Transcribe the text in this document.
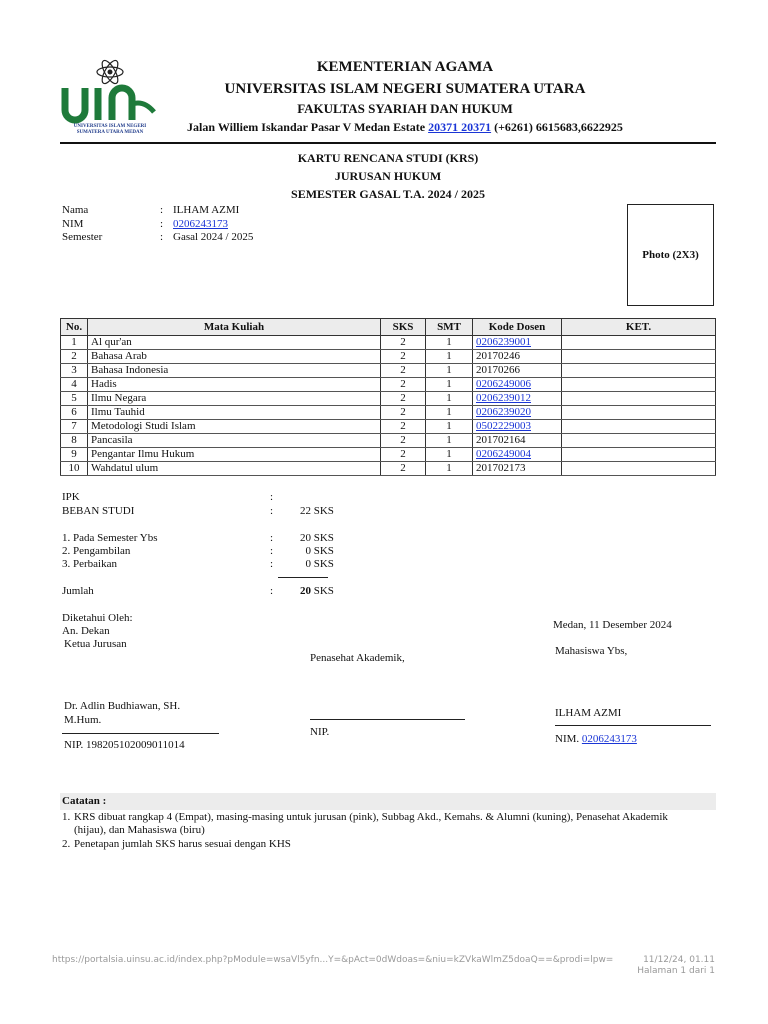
UNIVERSITAS ISLAM NEGERI
SUMATERA UTARA MEDAN
KEMENTERIAN AGAMA
UNIVERSITAS ISLAM NEGERI SUMATERA UTARA
FAKULTAS SYARIAH DAN HUKUM
Jalan Williem Iskandar Pasar V Medan Estate 20371 20371 (+6261) 6615683,6622925
KARTU RENCANA STUDI (KRS)
JURUSAN HUKUM
SEMESTER GASAL T.A. 2024 / 2025
Nama	: ILHAM AZMI
NIM	: 0206243173
Semester	: Gasal 2024 / 2025
Photo (2X3)
No.	Mata Kuliah	SKS	SMT	Kode Dosen	KET.
1	Al qur'an	2	1	0206239001	
2	Bahasa Arab	2	1	20170246	
3	Bahasa Indonesia	2	1	20170266	
4	Hadis	2	1	0206249006	
5	Ilmu Negara	2	1	0206239012	
6	Ilmu Tauhid	2	1	0206239020	
7	Metodologi Studi Islam	2	1	0502229003	
8	Pancasila	2	1	201702164	
9	Pengantar Ilmu Hukum	2	1	0206249004	
10	Wahdatul ulum	2	1	201702173	
IPK	:
BEBAN STUDI	: 22 SKS
1. Pada Semester Ybs	: 20 SKS
2. Pengambilan	:	0 SKS
3. Perbaikan	:	0 SKS
Jumlah	: 20 SKS
Diketahui Oleh:
An. Dekan
Ketua Jurusan
Penasehat Akademik,
Medan, 11 Desember 2024
Mahasiswa Ybs,
Dr. Adlin Budhiawan, SH.
M.Hum.
NIP. 198205102009011014
NIP.
ILHAM AZMI
NIM. 0206243173
Catatan :
1. KRS dibuat rangkap 4 (Empat), masing-masing untuk jurusan (pink), Subbag Akd., Kemahs. & Alumni (kuning), Penasehat Akademik
(hijau), dan Mahasiswa (biru)
2. Penetapan jumlah SKS harus sesuai dengan KHS
https://portalsia.uinsu.ac.id/index.php?pModule=wsaVl5yfn...Y=&pAct=0dWdoas=&niu=kZVkaWlmZ5doaQ==&prodi=lpw=	11/12/24, 01.11
Halaman 1 dari 1
